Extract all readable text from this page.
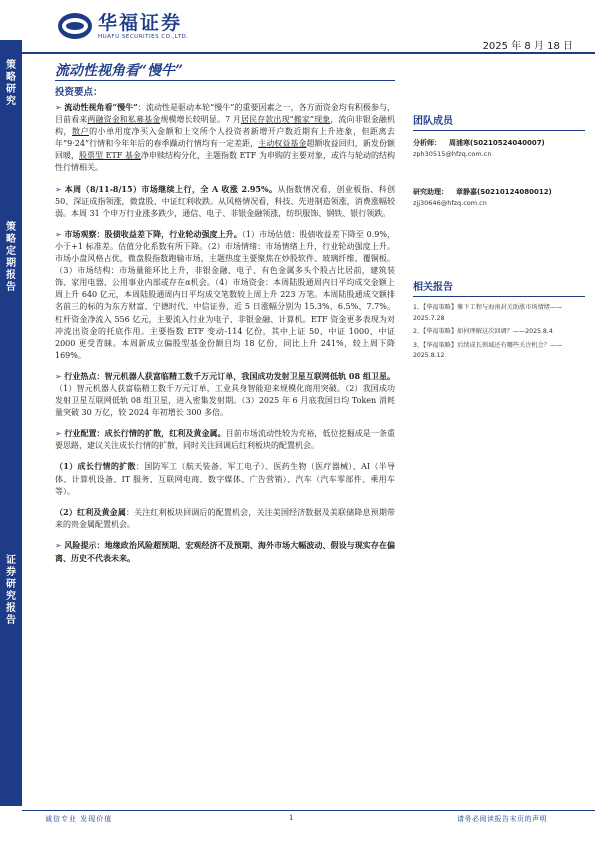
策
略
研
究
策
略
定
期
报
告
证
券
研
究
报
告
华福证券
HUAFU SECURITIES CO.,LTD.
2025 年 8 月 18 日
流动性视角看“慢牛”
投资要点：
➢ 流动性视角看“慢牛”：流动性是驱动本轮“慢牛”的重要因素之一，各方面资金均有积极参与，目前看来两融资金和私募基金规模增长较明显。7 月居民存款出现“搬家”现象，流向非银金融机构，散户的小单用度净买入金额和上交所个人投资者新增开户数近期有上升迹象，但距离去年“9·24”行情和今年年后的春季躁动行情均有一定差距，主动权益基金超额收益回归，新发份额回暖，股票型 ETF 基金净申赎结构分化，主题指数 ETF 为申购的主要对象，或许与轮动的结构性行情相关。
➢ 本周（8/11-8/15）市场继续上行，全 A 收涨 2.95%。从指数情况看，创业板指、科创 50、深证成指领涨，微盘股、中证红利收跌。从风格情况看，科技、先进制造领涨，消费涨幅较弱。本周 31 个申万行业涨多跌少，通信、电子、非银金融领涨，纺织服饰、钢铁、银行领跌。
➢ 市场观察：股债收益差下降，行业轮动强度上升。（1）市场估值：股债收益差下降至 0.9%，小于+1 标准差。估值分化系数有所下降。（2）市场情绪：市场情绪上升，行业轮动强度上升。市场小盘风格占优，微盘股指数跑输市场，主题热度主要聚焦在炒股软件、玻璃纤维、覆铜板。（3）市场结构：市场量能环比上升，非银金融、电子、有色金属多头个股占比居前，建筑装饰、家用电器、公用事业内部或存在α机会。（4）市场资金：本周陆股通周内日平均成交金额上周上升 640 亿元，本周陆股通周内日平均成交笔数较上周上升 223 万笔。本周陆股通成交额排名前三的标的为东方财富、宁德时代、中信证券，近 5 日涨幅分别为 15.3%、6.5%、7.7%。杠杆资金净流入 556 亿元，主要流入行业为电子、非银金融、计算机。ETF 资金更多表现为对冲流出资金的托底作用。主要指数 ETF 变动-114 亿份，其中上证 50、中证 1000、中证 2000 更受青睐。本周新成立偏股型基金份额目均 18 亿份，同比上升 241%，较上周下降 169%。
➢ 行业热点：智元机器人获富临精工数千万元订单，我国成功发射卫星互联网低轨 08 组卫星。（1）智元机器人获富临精工数千万元订单，工业具身智能迎来规模化商用突破。（2）我国成功发射卫星互联网低轨 08 组卫星，进入密集发射期。（3）2025 年 6 月底我国日均 Token 消耗量突破 30 万亿，较 2024 年初增长 300 多倍。
➢ 行业配置：成长行情的扩散，红利及黄金属。目前市场流动性较为充裕，低位挖掘成是一条重要思路，建议关注成长行情的扩散，同时关注回调后红利板块的配置机会。
（1）成长行情的扩散：国防军工（航天装备、军工电子）、医药生物（医疗器械）、AI（半导体、计算机设备、IT 服务、互联网电商、数字媒体、广告营销）、汽车（汽车零部件、乘用车等）。
（2）红利及黄金属：关注红利板块回调后的配置机会，关注美国经济数据及美联储降息预期带来的贵金属配置机会。
➢ 风险提示：地缘政治风险超预期、宏观经济不及预期、海外市场大幅波动、假设与现实存在偏离、历史不代表未来。
团队成员
分析师： 周浦寒(S0210524040007)
zph30515@hfzq.com.cn
研究助理： 章静嘉(S0210124080012)
zjj30646@hfzq.com.cn
相关报告
1、【华福策略】雅下工程与海南封关助涨市场情绪——2025.7.28
2、【华福策略】如何理解这次回调？——2025.8.4
3、【华福策略】后续成长领域还有哪些关注机会？——2025.8.12
诚信专业 发现价值	1	请务必阅读报告末页的声明
